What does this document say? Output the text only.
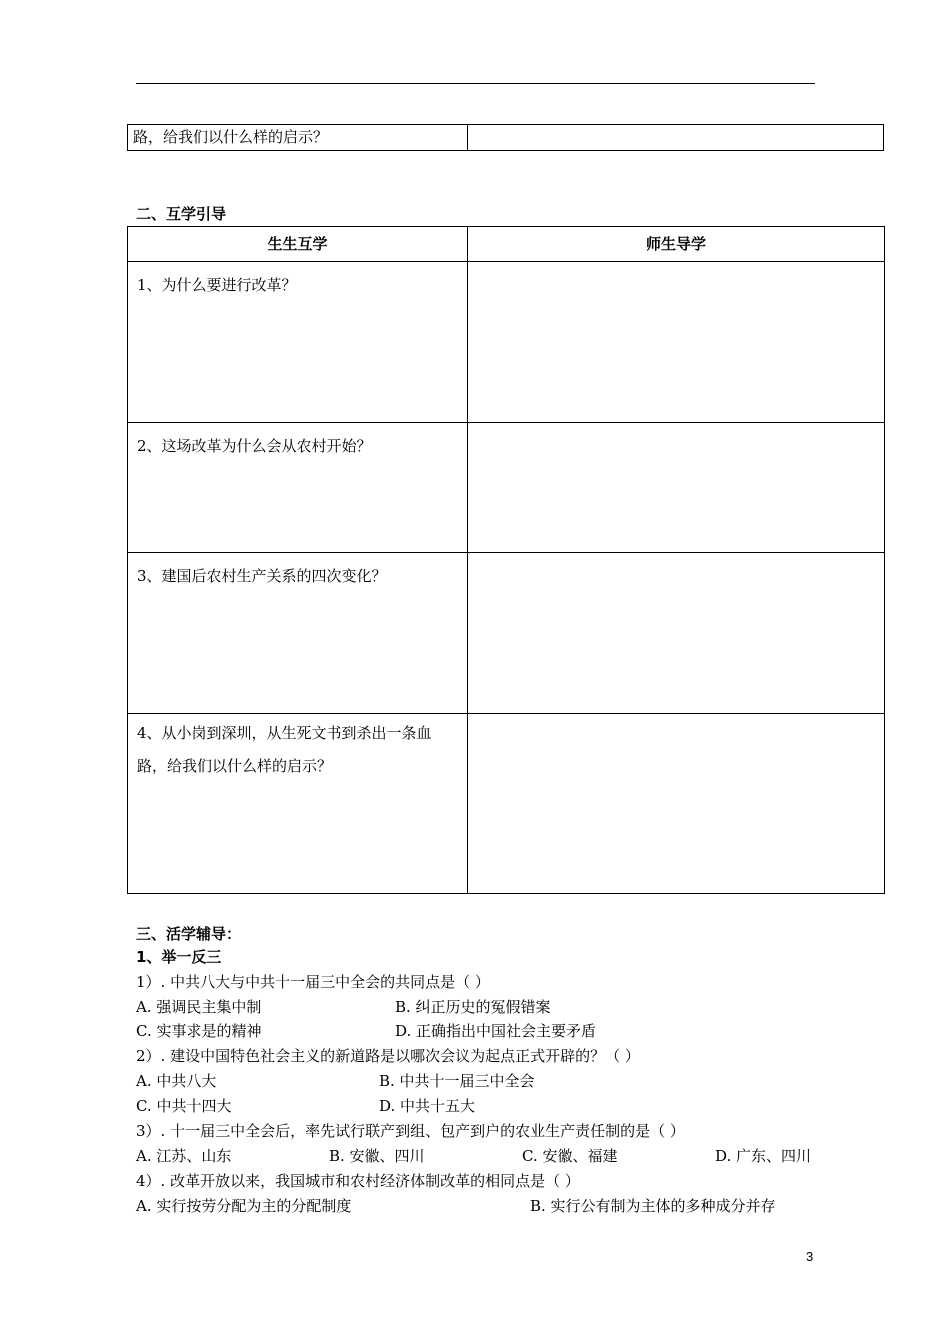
路，给我们以什么样的启示？	
二、互学引导
生生互学	师生导学
1、为什么要进行改革？	
2、这场改革为什么会从农村开始？	
3、建国后农村生产关系的四次变化？	
4、从小岗到深圳，从生死文书到杀出一条血路，给我们以什么样的启示？	
三、活学辅导：
1、举一反三
1）. 中共八大与中共十一届三中全会的共同点是（ ）
A. 强调民主集中制	B. 纠正历史的冤假错案
C. 实事求是的精神	D. 正确指出中国社会主要矛盾
2）. 建设中国特色社会主义的新道路是以哪次会议为起点正式开辟的？（ ）
A. 中共八大	B. 中共十一届三中全会
C. 中共十四大	D. 中共十五大
3）. 十一届三中全会后，率先试行联产到组、包产到户的农业生产责任制的是（ ）
A. 江苏、山东	B. 安徽、四川	C. 安徽、福建	D. 广东、四川
4）. 改革开放以来，我国城市和农村经济体制改革的相同点是（ ）
A. 实行按劳分配为主的分配制度	B. 实行公有制为主体的多种成分并存
3
